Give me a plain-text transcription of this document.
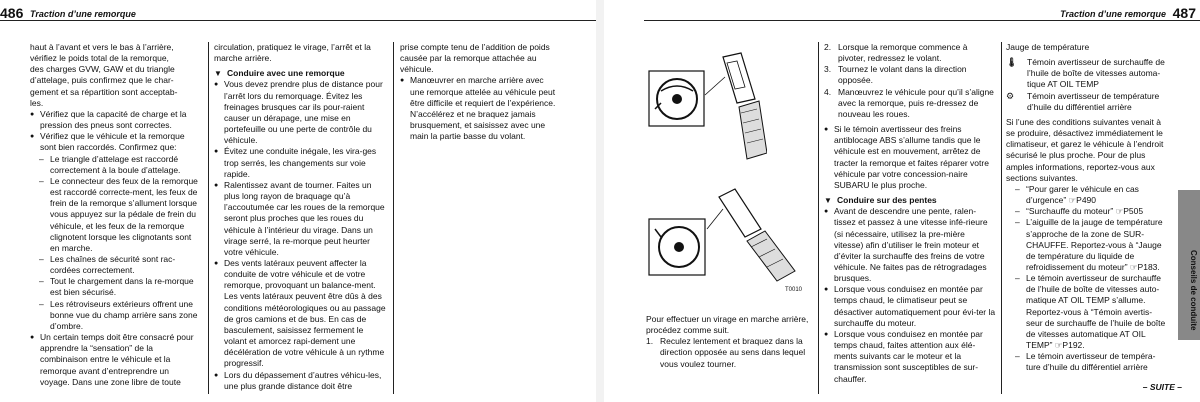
486 Traction d’une remorque

haut à l’avant et vers le bas à l’arrière,

vérifiez le poids total de la remorque,

des charges GVW, GAW et du triangle

d’attelage, puis confirmez que le char-

gement et sa répartition sont acceptab-

les.

● Vérifiez que la capacité de charge et la pression des pneus sont correctes.

● Vérifiez que le véhicule et la remorque sont bien raccordés. Confirmez que:

– Le triangle d’attelage est raccordé correctement à la boule d’attelage.

– Le connecteur des feux de la remorque est raccordé correcte-ment, les feux de frein de la remorque s’allument lorsque vous appuyez sur la pédale de frein du véhicule, et les feux de la remorque clignotent lorsque les clignotants sont en marche.

– Les chaînes de sécurité sont rac-cordées correctement.

– Tout le chargement dans la re-morque est bien sécurisé.

– Les rétroviseurs extérieurs offrent une bonne vue du champ arrière sans zone d’ombre.

● Un certain temps doit être consacré pour apprendre la “sensation” de la combinaison entre le véhicule et la remorque avant d’entreprendre un voyage. Dans une zone libre de toute

circulation, pratiquez le virage, l’arrêt et la marche arrière.

▼ Conduire avec une remorque

● Vous devez prendre plus de distance pour l’arrêt lors du remorquage. Évitez les freinages brusques car ils pour-raient causer un dérapage, une mise en portefeuille ou une perte de contrôle du véhicule.

● Évitez une conduite inégale, les vira-ges trop serrés, les changements sur voie rapide.

● Ralentissez avant de tourner. Faites un plus long rayon de braquage qu’à l’accoutumée car les roues de la remorque seront plus proches que les roues du véhicule à l’intérieur du virage. Dans un virage serré, la re-morque peut heurter votre véhicule.

● Des vents latéraux peuvent affecter la conduite de votre véhicule et de votre remorque, provoquant un balance-ment. Les vents latéraux peuvent être dûs à des conditions météorologiques ou au passage de gros camions et de bus. En cas de basculement, saisissez fermement le volant et amorcez rapi-dement une décélération de votre véhicule à un rythme progressif.

● Lors du dépassement d’autres véhicu-les, une plus grande distance doit être

prise compte tenu de l’addition de poids causée par la remorque attachée au véhicule.

● Manœuvrer en marche arrière avec une remorque attelée au véhicule peut être difficile et requiert de l’expérience. N’accélérez et ne braquez jamais brusquement, et saisissez avec une main la partie basse du volant.

Traction d’une remorque 487
T0010

Pour effectuer un virage en marche arrière, procédez comme suit.

1. Reculez lentement et braquez dans la direction opposée au sens dans lequel vous voulez tourner.

2. Lorsque la remorque commence à pivoter, redressez le volant.

3. Tournez le volant dans la direction opposée.

4. Manœuvrez le véhicule pour qu’il s’aligne avec la remorque, puis re-dressez de nouveau les roues.

● Si le témoin avertisseur des freins antiblocage ABS s’allume tandis que le véhicule est en mouvement, arrêtez de tracter la remorque et faites réparer votre véhicule par votre concession-naire SUBARU le plus proche.

▼ Conduire sur des pentes

● Avant de descendre une pente, ralen-tissez et passez à une vitesse infé-rieure (si nécessaire, utilisez la pre-mière vitesse) afin d’utiliser le frein moteur et d’éviter la surchauffe des freins de votre véhicule. Ne faites pas de rétrogradages brusques.

● Lorsque vous conduisez en montée par temps chaud, le climatiseur peut se désactiver automatiquement pour évi-ter la surchauffe du moteur.

● Lorsque vous conduisez en montée par temps chaud, faites attention aux élé-ments suivants car le moteur et la transmission sont susceptibles de sur-chauffer.

Jauge de température

🌡	Témoin avertisseur de surchauffe de l’huile de boîte de vitesses automa-tique AT OIL TEMP

⚙	Témoin avertisseur de température d’huile du différentiel arrière

Si l’une des conditions suivantes venait à se produire, désactivez immédiatement le climatiseur, et garez le véhicule à l’endroit sécurisé le plus proche. Pour de plus amples informations, reportez-vous aux sections suivantes.

– “Pour garer le véhicule en cas d’urgence” ☞P490

– “Surchauffe du moteur” ☞P505

– L’aiguille de la jauge de température s’approche de la zone de SUR-CHAUFFE. Reportez-vous à “Jauge de température du liquide de refroidissement du moteur” ☞P183.

– Le témoin avertisseur de surchauffe de l’huile de boîte de vitesses auto-matique AT OIL TEMP s’allume. Reportez-vous à “Témoin avertis-seur de surchauffe de l’huile de boîte de vitesses automatique AT OIL TEMP” ☞P192.

– Le témoin avertisseur de tempéra-ture d’huile du différentiel arrière

Conseils de conduite
– SUITE –
